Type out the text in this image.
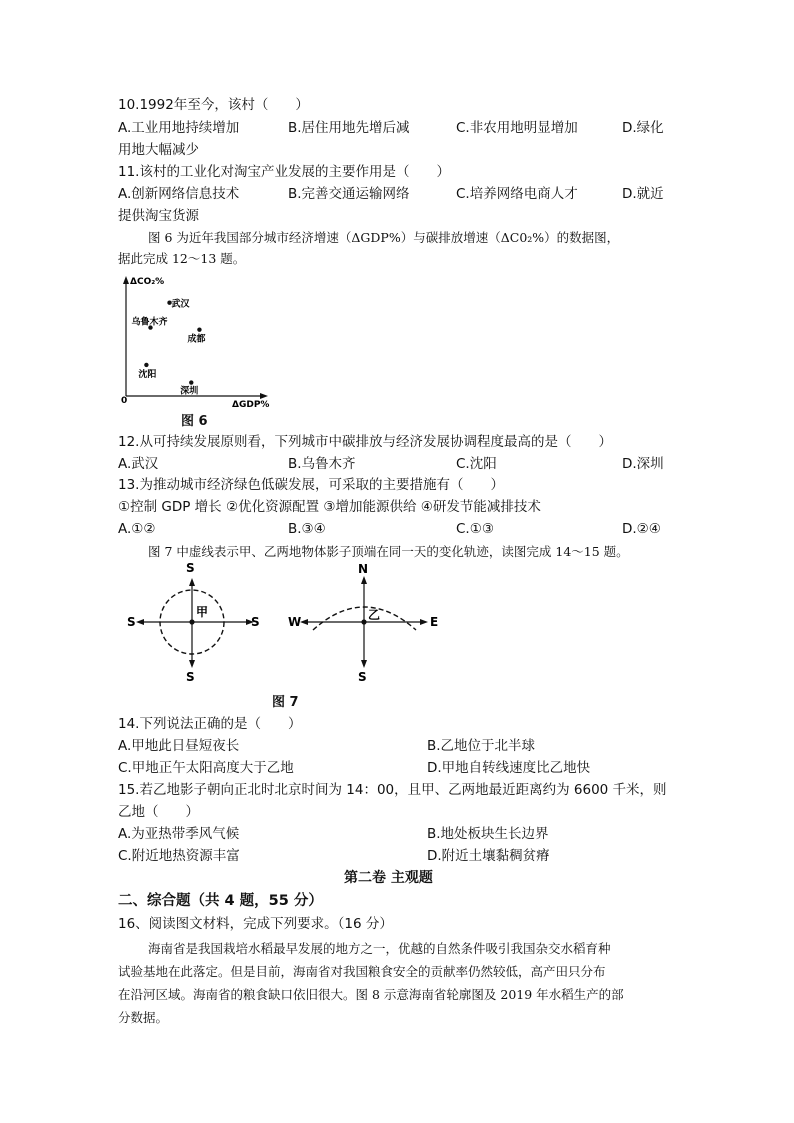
10.1992年至今，该村（　　）
A.工业用地持续增加	B.居住用地先增后减	C.非农用地明显增加	D.绿化
用地大幅减少
11.该村的工业化对淘宝产业发展的主要作用是（　　）
A.创新网络信息技术	B.完善交通运输网络	C.培养网络电商人才	D.就近
提供淘宝货源
图 6 为近年我国部分城市经济增速（ΔGDP%）与碳排放增速（ΔC0₂%）的数据图，
据此完成 12～13 题。
ΔCO₂%
ΔGDP%
0
武汉
乌鲁木齐
成都
沈阳
深圳
图 6
12.从可持续发展原则看，下列城市中碳排放与经济发展协调程度最高的是（　　）
A.武汉	B.乌鲁木齐	C.沈阳	D.深圳
13.为推动城市经济绿色低碳发展，可采取的主要措施有（　　）
①控制 GDP 增长 ②优化资源配置 ③增加能源供给 ④研发节能减排技术
A.①②	B.③④	C.①③	D.②④
图 7 中虚线表示甲、乙两地物体影子顶端在同一天的变化轨迹，读图完成 14～15 题。
S
S	S
S
甲
N
W	E
S
乙
图 7
14.下列说法正确的是（　　）
A.甲地此日昼短夜长	B.乙地位于北半球
C.甲地正午太阳高度大于乙地	D.甲地自转线速度比乙地快
15.若乙地影子朝向正北时北京时间为 14：00，且甲、乙两地最近距离约为 6600 千米，则
乙地（　　）
A.为亚热带季风气候	B.地处板块生长边界
C.附近地热资源丰富	D.附近土壤黏稠贫瘠
第二卷 主观题
二、综合题（共 4 题，55 分）
16、阅读图文材料，完成下列要求。（16 分）
海南省是我国栽培水稻最早发展的地方之一，优越的自然条件吸引我国杂交水稻育种
试验基地在此落定。但是目前，海南省对我国粮食安全的贡献率仍然较低，高产田只分布
在沿河区域。海南省的粮食缺口依旧很大。图 8 示意海南省轮廓图及 2019 年水稻生产的部
分数据。
